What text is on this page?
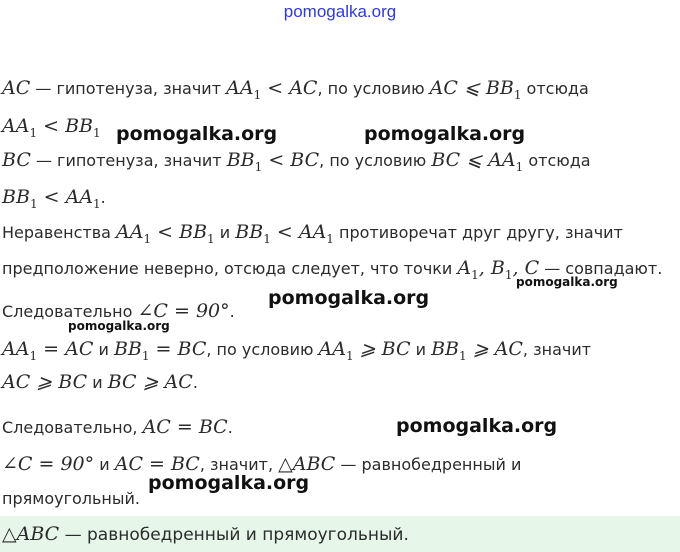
pomogalka.org
AC — гипотенуза, значит $AA_1$ < AC, по условию AC ⩽ $BB_1$ отсюда
$AA_1 < BB_1$
BC — гипотенуза, значит $BB_1$ < BC, по условию BC ⩽ $AA_1$ отсюда
$BB_1 < AA_1$.
Неравенства $AA_1 < BB_1$ и $BB_1 < AA_1$ противоречат друг другу, значит
предположение неверно, отсюда следует, что точки $A_1$, $B_1$, C — совпадают.
Следовательно ∠C = 90°.
$AA_1$ = AC и $BB_1$ = BC, по условию $AA_1$ ⩾ BC и $BB_1$ ⩾ AC, значит
AC ⩾ BC и BC ⩾ AC.
Следовательно, AC = BC.
∠C = 90° и AC = BC, значит, △ABC — равнобедренный и
прямоугольный.
△ABC — равнобедренный и прямоугольный.
pomogalka.org	pomogalka.org
pomogalka.org
pomogalka.org
pomogalka.org
pomogalka.org
pomogalka.org
